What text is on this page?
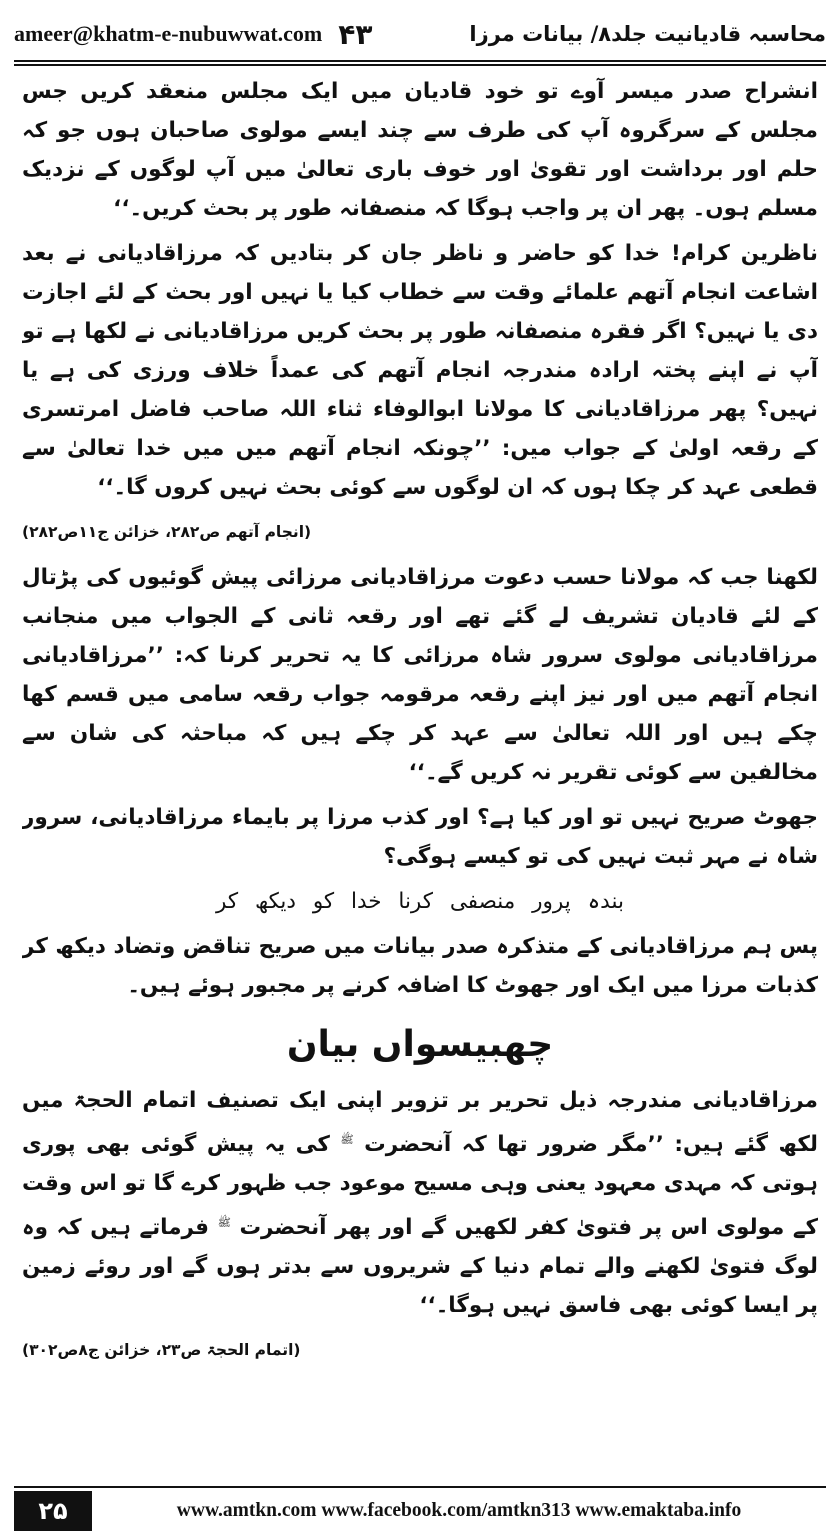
ameer@khatm-e-nubuwwat.com ۴۳	محاسبہ قادیانیت جلد۸/ بیانات مرزا

انشراح صدر میسر آوے تو خود قادیان میں ایک مجلس منعقد کریں جس مجلس کے سرگروہ آپ کی طرف سے چند ایسے مولوی صاحبان ہوں جو کہ حلم اور برداشت اور تقویٰ اور خوف باری تعالیٰ میں آپ لوگوں کے نزدیک مسلم ہوں۔ پھر ان پر واجب ہوگا کہ منصفانہ طور پر بحث کریں۔‘‘

ناظرین کرام! خدا کو حاضر و ناظر جان کر بتادیں کہ مرزاقادیانی نے بعد اشاعت انجام آتھم علمائے وقت سے خطاب کیا یا نہیں اور بحث کے لئے اجازت دی یا نہیں؟ اگر فقرہ منصفانہ طور پر بحث کریں مرزاقادیانی نے لکھا ہے تو آپ نے اپنے پختہ ارادہ مندرجہ انجام آتھم کی عمداً خلاف ورزی کی ہے یا نہیں؟ پھر مرزاقادیانی کا مولانا ابوالوفاء ثناء اللہ صاحب فاضل امرتسری کے رقعہ اولیٰ کے جواب میں: ’’چونکہ انجام آتھم میں میں خدا تعالیٰ سے قطعی عہد کر چکا ہوں کہ ان لوگوں سے کوئی بحث نہیں کروں گا۔‘‘

(انجام آتھم ص۲۸۲، خزائن ج۱۱ص۲۸۲)

لکھنا جب کہ مولانا حسب دعوت مرزاقادیانی مرزائی پیش گوئیوں کی پڑتال کے لئے قادیان تشریف لے گئے تھے اور رقعہ ثانی کے الجواب میں منجانب مرزاقادیانی مولوی سرور شاہ مرزائی کا یہ تحریر کرنا کہ: ’’مرزاقادیانی انجام آتھم میں اور نیز اپنے رقعہ مرقومہ جواب رقعہ سامی میں قسم کھا چکے ہیں اور اللہ تعالیٰ سے عہد کر چکے ہیں کہ مباحثہ کی شان سے مخالفین سے کوئی تقریر نہ کریں گے۔‘‘

جھوٹ صریح نہیں تو اور کیا ہے؟ اور کذب مرزا پر بایماء مرزاقادیانی، سرور شاہ نے مہر ثبت نہیں کی تو کیسے ہوگی؟

بندہ پرور منصفی کرنا خدا کو دیکھ کر

پس ہم مرزاقادیانی کے متذکرہ صدر بیانات میں صریح تناقض وتضاد دیکھ کر کذبات مرزا میں ایک اور جھوٹ کا اضافہ کرنے پر مجبور ہوئے ہیں۔

چھبیسواں بیان

مرزاقادیانی مندرجہ ذیل تحریر بر تزویر اپنی ایک تصنیف اتمام الحجۃ میں لکھ گئے ہیں: ’’مگر ضرور تھا کہ آنحضرت $^ﷺ$ کی یہ پیش گوئی بھی پوری ہوتی کہ مہدی معہود یعنی وہی مسیح موعود جب ظہور کرے گا تو اس وقت کے مولوی اس پر فتویٰ کفر لکھیں گے اور پھر آنحضرت $^ﷺ$ فرماتے ہیں کہ وہ لوگ فتویٰ لکھنے والے تمام دنیا کے شریروں سے بدتر ہوں گے اور روئے زمین پر ایسا کوئی بھی فاسق نہیں ہوگا۔‘‘

(اتمام الحجۃ ص۲۳، خزائن ج۸ص۳۰۲)
۲۵	www.amtkn.com www.facebook.com/amtkn313 www.emaktaba.info
